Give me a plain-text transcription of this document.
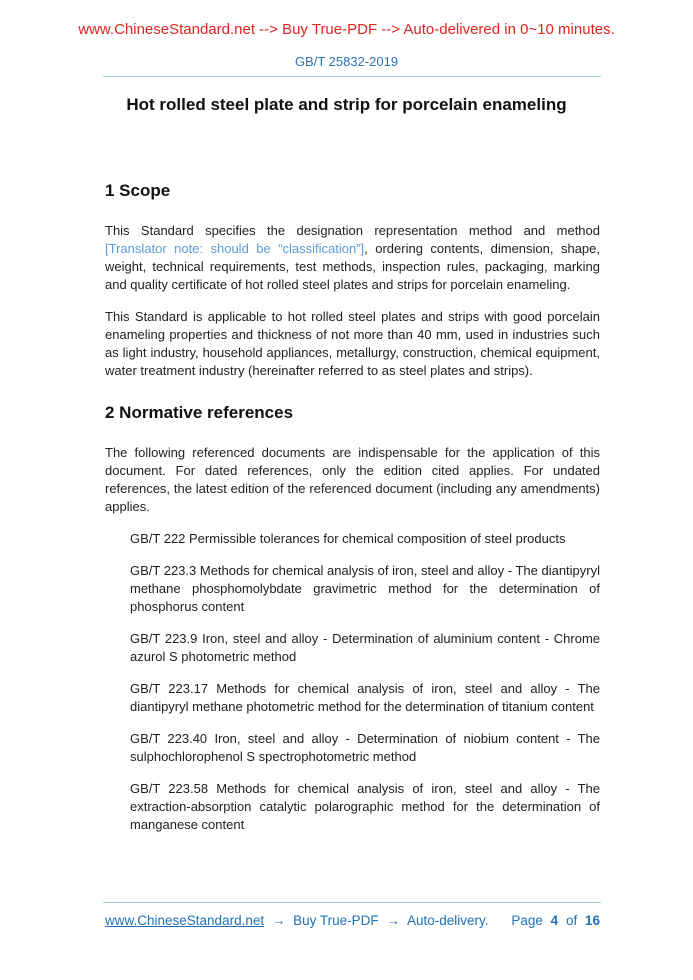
www.ChineseStandard.net --> Buy True-PDF --> Auto-delivered in 0~10 minutes.
GB/T 25832-2019
Hot rolled steel plate and strip for porcelain enameling
1 Scope

This Standard specifies the designation representation method and method [Translator note: should be “classification”], ordering contents, dimension, shape, weight, technical requirements, test methods, inspection rules, packaging, marking and quality certificate of hot rolled steel plates and strips for porcelain enameling.

This Standard is applicable to hot rolled steel plates and strips with good porcelain enameling properties and thickness of not more than 40 mm, used in industries such as light industry, household appliances, metallurgy, construction, chemical equipment, water treatment industry (hereinafter referred to as steel plates and strips).

2 Normative references

The following referenced documents are indispensable for the application of this document. For dated references, only the edition cited applies. For undated references, the latest edition of the referenced document (including any amendments) applies.

GB/T 222 Permissible tolerances for chemical composition of steel products

GB/T 223.3 Methods for chemical analysis of iron, steel and alloy - The diantipyryl methane phosphomolybdate gravimetric method for the determination of phosphorus content

GB/T 223.9 Iron, steel and alloy - Determination of aluminium content - Chrome azurol S photometric method

GB/T 223.17 Methods for chemical analysis of iron, steel and alloy - The diantipyryl methane photometric method for the determination of titanium content

GB/T 223.40 Iron, steel and alloy - Determination of niobium content - The sulphochlorophenol S spectrophotometric method

GB/T 223.58 Methods for chemical analysis of iron, steel and alloy - The extraction-absorption catalytic polarographic method for the determination of manganese content

www.ChineseStandard.net → Buy True-PDF → Auto-delivery. Page 4 of 16
